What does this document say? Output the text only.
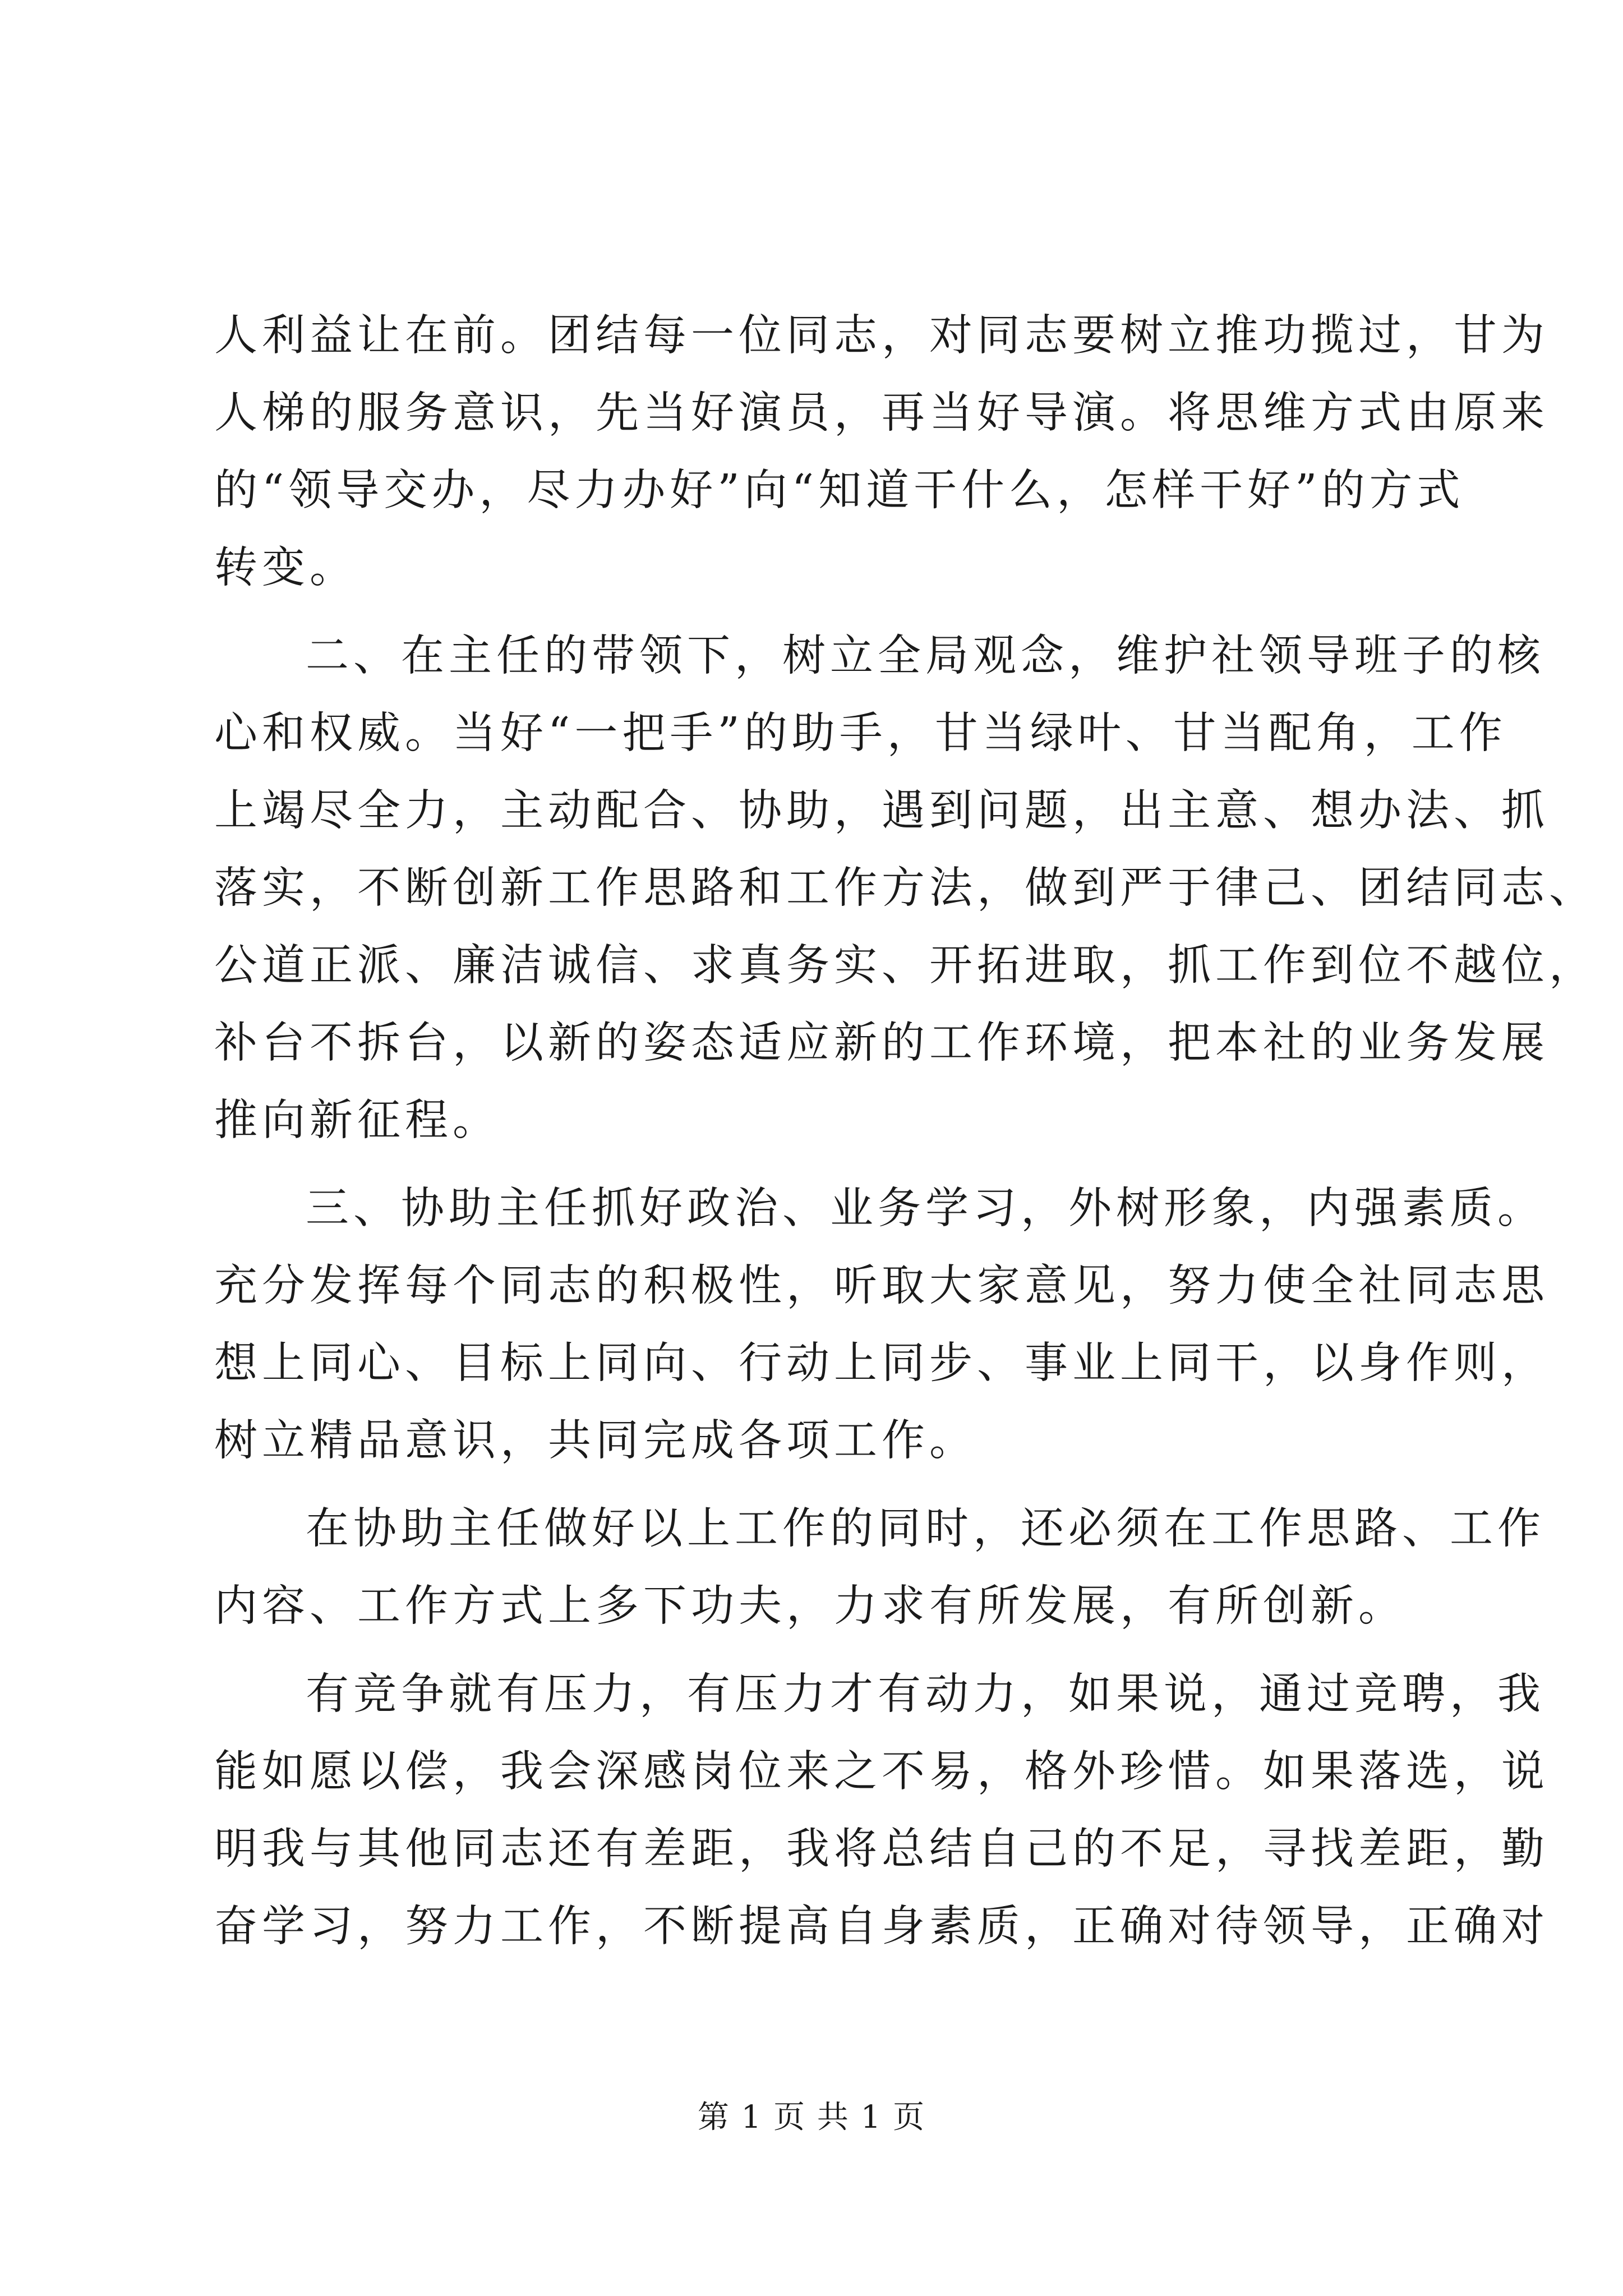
人利益让在前。团结每一位同志，对同志要树立推功揽过，甘为
人梯的服务意识，先当好演员，再当好导演。将思维方式由原来
的“领导交办，尽力办好”向“知道干什么，怎样干好”的方式
转变。
二、在主任的带领下，树立全局观念，维护社领导班子的核
心和权威。当好“一把手”的助手，甘当绿叶、甘当配角，工作
上竭尽全力，主动配合、协助，遇到问题，出主意、想办法、抓
落实，不断创新工作思路和工作方法，做到严于律己、团结同志、
公道正派、廉洁诚信、求真务实、开拓进取，抓工作到位不越位，
补台不拆台，以新的姿态适应新的工作环境，把本社的业务发展
推向新征程。
三、协助主任抓好政治、业务学习，外树形象，内强素质。
充分发挥每个同志的积极性，听取大家意见，努力使全社同志思
想上同心、目标上同向、行动上同步、事业上同干，以身作则，
树立精品意识，共同完成各项工作。
在协助主任做好以上工作的同时，还必须在工作思路、工作
内容、工作方式上多下功夫，力求有所发展，有所创新。
有竞争就有压力，有压力才有动力，如果说，通过竞聘，我
能如愿以偿，我会深感岗位来之不易，格外珍惜。如果落选，说
明我与其他同志还有差距，我将总结自己的不足，寻找差距，勤
奋学习，努力工作，不断提高自身素质，正确对待领导，正确对
第 1 页 共 1 页
